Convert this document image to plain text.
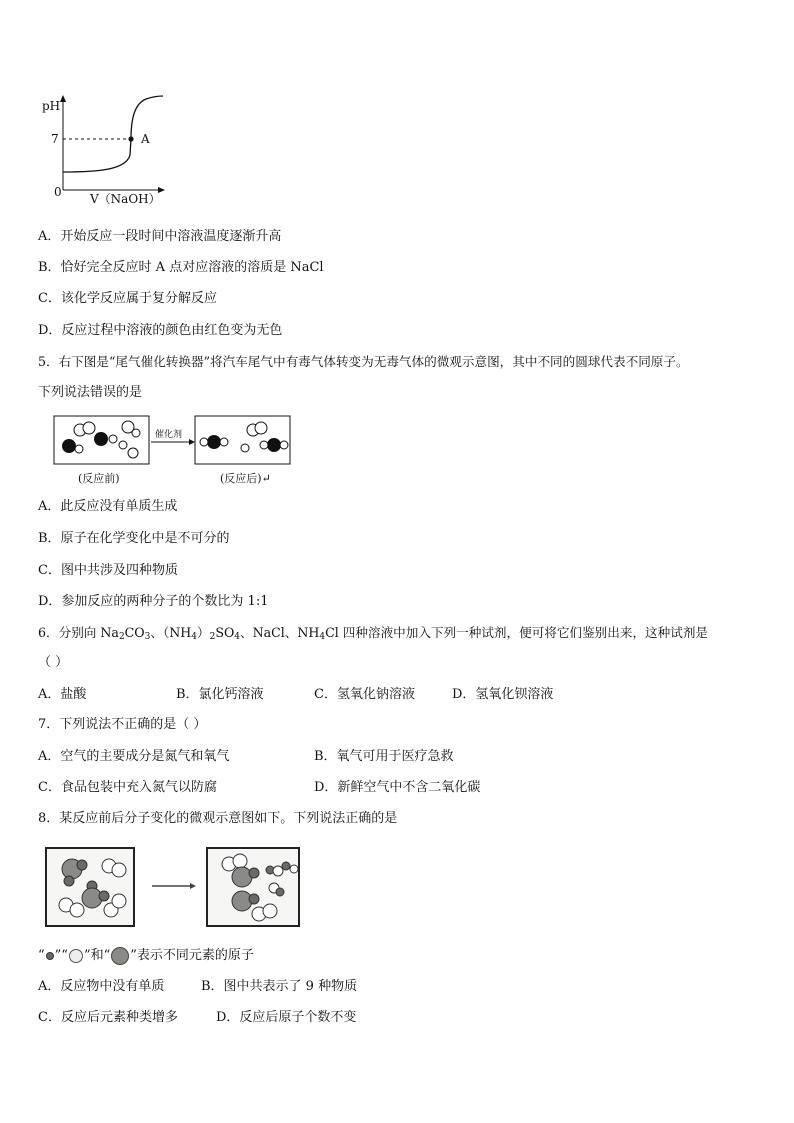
pH
7
0
A
V（NaOH）
A．开始反应一段时间中溶液温度逐渐升高
B．恰好完全反应时 A 点对应溶液的溶质是 NaCl
C．该化学反应属于复分解反应
D．反应过程中溶液的颜色由红色变为无色
5．右下图是“尾气催化转换器”将汽车尾气中有毒气体转变为无毒气体的微观示意图，其中不同的圆球代表不同原子。
下列说法错误的是
催化剂
(反应前)	(反应后)↵
A．此反应没有单质生成
B．原子在化学变化中是不可分的
C．图中共涉及四种物质
D．参加反应的两种分子的个数比为 1:1
6．分别向 $Na_2CO_3$、$(NH_4)_2SO_4$、NaCl、$NH_4Cl$ 四种溶液中加入下列一种试剂，便可将它们鉴别出来，这种试剂是
（ ）
A．盐酸	B．氯化钙溶液	C．氢氧化钠溶液	D．氢氧化钡溶液
7．下列说法不正确的是（ ）
A．空气的主要成分是氮气和氧气	B．氧气可用于医疗急救
C．食品包装中充入氮气以防腐	D．新鲜空气中不含二氧化碳
8．某反应前后分子变化的微观示意图如下。下列说法正确的是
“ ”“ ”和“ ”表示不同元素的原子
A．反应物中没有单质	B．图中共表示了 9 种物质
C．反应后元素种类增多	D．反应后原子个数不变
